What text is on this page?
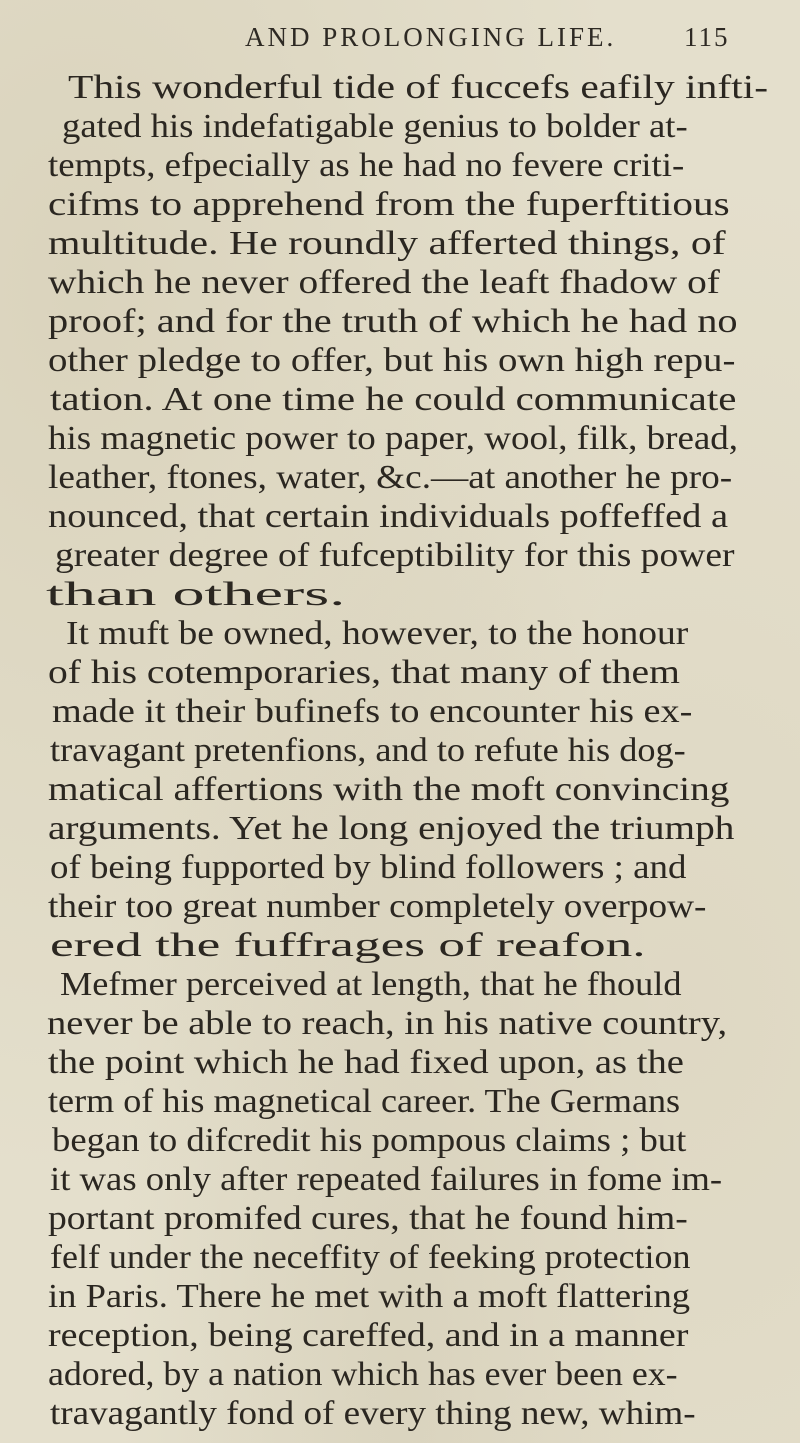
AND PROLONGING LIFE.	115
This wonderful tide of fuccefs eafily infti-
gated his indefatigable genius to bolder at-
tempts, efpecially as he had no fevere criti-
cifms to apprehend from the fuperftitious
multitude. He roundly afferted things, of
which he never offered the leaft fhadow of
proof; and for the truth of which he had no
other pledge to offer, but his own high repu-
tation. At one time he could communicate
his magnetic power to paper, wool, filk, bread,
leather, ftones, water, &c.—at another he pro-
nounced, that certain individuals poffeffed a
greater degree of fufceptibility for this power
than others.
It muft be owned, however, to the honour
of his cotemporaries, that many of them
made it their bufinefs to encounter his ex-
travagant pretenfions, and to refute his dog-
matical affertions with the moft convincing
arguments. Yet he long enjoyed the triumph
of being fupported by blind followers ; and
their too great number completely overpow-
ered the fuffrages of reafon.
Mefmer perceived at length, that he fhould
never be able to reach, in his native country,
the point which he had fixed upon, as the
term of his magnetical career. The Germans
began to difcredit his pompous claims ; but
it was only after repeated failures in fome im-
portant promifed cures, that he found him-
felf under the neceffity of feeking protection
in Paris. There he met with a moft flattering
reception, being careffed, and in a manner
adored, by a nation which has ever been ex-
travagantly fond of every thing new, whim-
